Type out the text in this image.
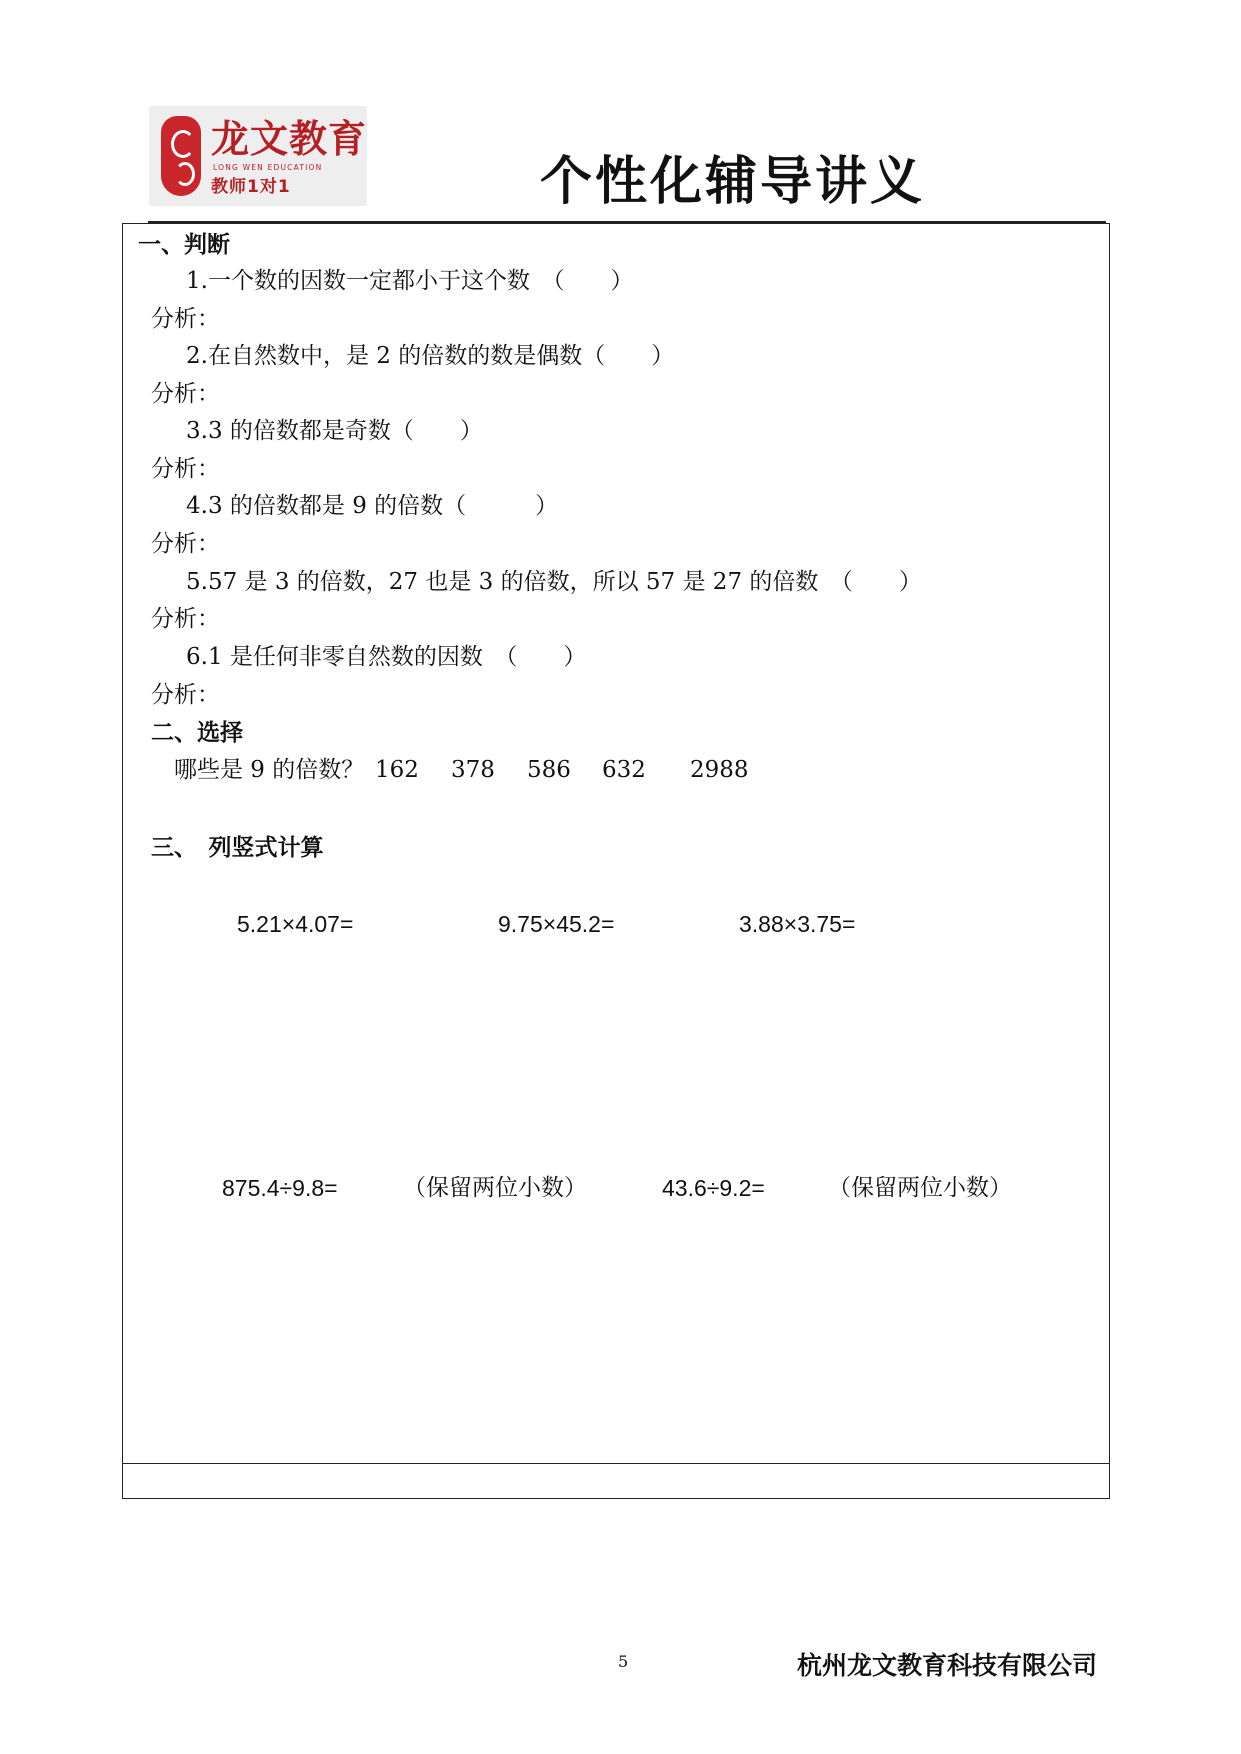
龙文教育
LONG WEN EDUCATION
教师1对1	个性化辅导讲义
一、判断
1.一个数的因数一定都小于这个数　（　　）
分析：
2.在自然数中，是 2 的倍数的数是偶数（　　）
分析：
3.3 的倍数都是奇数（　　）
分析：
4.3 的倍数都是 9 的倍数（　　　）
分析：
5.57 是 3 的倍数，27 也是 3 的倍数，所以 57 是 27 的倍数　（　　）
分析：
6.1 是任何非零自然数的因数　（　　）
分析：
二、选择
哪些是 9 的倍数？ 162 378 586 632 2988
三、　列竖式计算
5.21×4.07=	9.75×45.2=	3.88×3.75=
875.4÷9.8=	（保留两位小数）	43.6÷9.2=	（保留两位小数）
5	杭州龙文教育科技有限公司
